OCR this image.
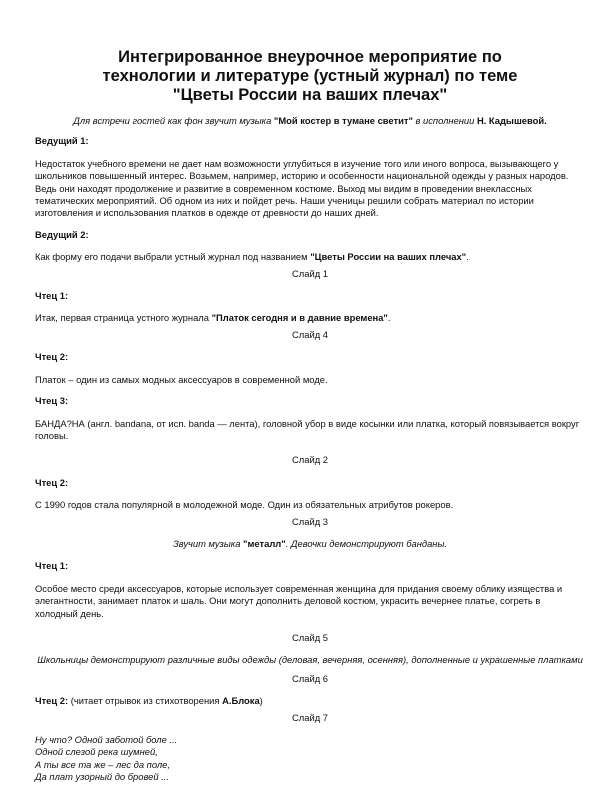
Интегрированное внеурочное мероприятие по
технологии и литературе (устный журнал) по теме
"Цветы России на ваших плечах"

Для встречи гостей как фон звучит музыка "Мой костер в тумане светит" в исполнении Н. Кадышевой.

Ведущий 1:

Недостаток учебного времени не дает нам возможности углубиться в изучение того или иного вопроса, вызывающего у школьников повышенный интерес. Возьмем, например, историю и особенности национальной одежды у разных народов. Ведь они находят продолжение и развитие в современном костюме. Выход мы видим в проведении внеклассных тематических мероприятий. Об одном из них и пойдет речь. Наши ученицы решили собрать материал по истории изготовления и использования платков в одежде от древности до наших дней.

Ведущий 2:

Как форму его подачи выбрали устный журнал под названием "Цветы России на ваших плечах".

Слайд 1

Чтец 1:

Итак, первая страница устного журнала "Платок сегодня и в давние времена".

Слайд 4

Чтец 2:

Платок – один из самых модных аксессуаров в современной моде.

Чтец 3:

БАНДА?НА (англ. bandana, от исп. banda — лента), головной убор в виде косынки или платка, который повязывается вокруг головы.

Слайд 2

Чтец 2:

С 1990 годов стала популярной в молодежной моде. Один из обязательных атрибутов рокеров.

Слайд 3

Звучит музыка "металл". Девочки демонстрируют банданы.

Чтец 1:

Особое место среди аксессуаров, которые использует современная женщина для придания своему облику изящества и элегантности, занимает платок и шаль. Они могут дополнить деловой костюм, украсить вечернее платье, согреть в холодный день.

Слайд 5

Школьницы демонстрируют различные виды одежды (деловая, вечерняя, осенняя), дополненные и украшенные платками

Слайд 6

Чтец 2: (читает отрывок из стихотворения А.Блока)

Слайд 7

Ну что? Одной заботой боле ...
Одной слезой река шумней,
А ты все та же – лес да поле,
Да плат узорный до бровей ...
